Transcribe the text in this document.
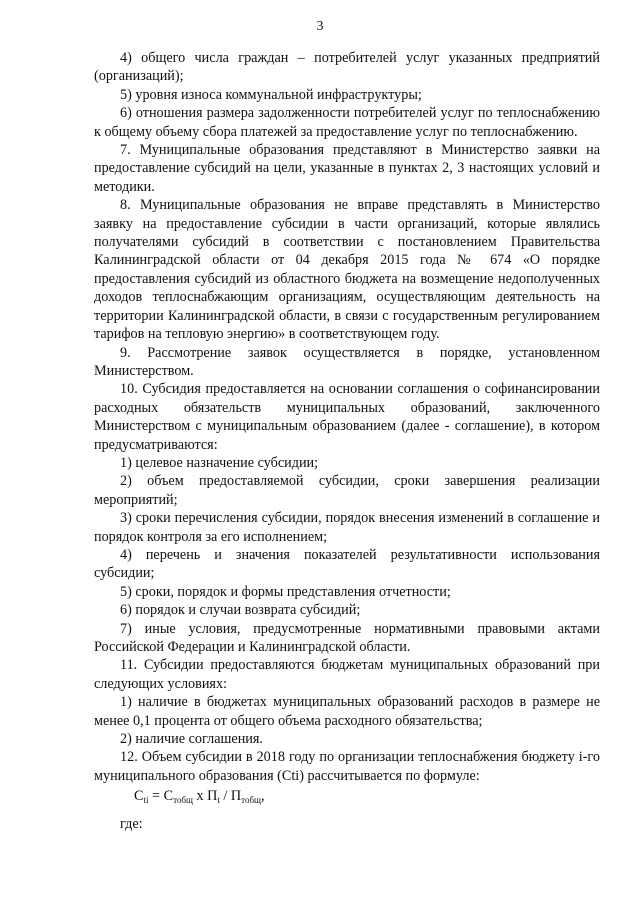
3

4) общего числа граждан – потребителей услуг указанных предприятий (организаций);

5) уровня износа коммунальной инфраструктуры;

6) отношения размера задолженности потребителей услуг по теплоснабжению к общему объему сбора платежей за предоставление услуг по теплоснабжению.

7. Муниципальные образования представляют в Министерство заявки на предоставление субсидий на цели, указанные в пунктах 2, 3 настоящих условий и методики.

8. Муниципальные образования не вправе представлять в Министерство заявку на предоставление субсидии в части организаций, которые являлись получателями субсидий в соответствии с постановлением Правительства Калининградской области от 04 декабря 2015 года № 674 «О порядке предоставления субсидий из областного бюджета на возмещение недополученных доходов теплоснабжающим организациям, осуществляющим деятельность на территории Калининградской области, в связи с государственным регулированием тарифов на тепловую энергию» в соответствующем году.

9. Рассмотрение заявок осуществляется в порядке, установленном Министерством.

10. Субсидия предоставляется на основании соглашения о софинансировании расходных обязательств муниципальных образований, заключенного Министерством с муниципальным образованием (далее - соглашение), в котором предусматриваются:

1) целевое назначение субсидии;

2) объем предоставляемой субсидии, сроки завершения реализации мероприятий;

3) сроки перечисления субсидии, порядок внесения изменений в соглашение и порядок контроля за его исполнением;

4) перечень и значения показателей результативности использования субсидии;

5) сроки, порядок и формы представления отчетности;

6) порядок и случаи возврата субсидий;

7) иные условия, предусмотренные нормативными правовыми актами Российской Федерации и Калининградской области.

11. Субсидии предоставляются бюджетам муниципальных образований при следующих условиях:

1) наличие в бюджетах муниципальных образований расходов в размере не менее 0,1 процента от общего объема расходного обязательства;

2) наличие соглашения.

12. Объем субсидии в 2018 году по организации теплоснабжения бюджету i-го муниципального образования (Сti) рассчитывается по формуле:

$С_{ti} = С_{тобщ}$ x $П_t / П_{тобщ}$,

где:
